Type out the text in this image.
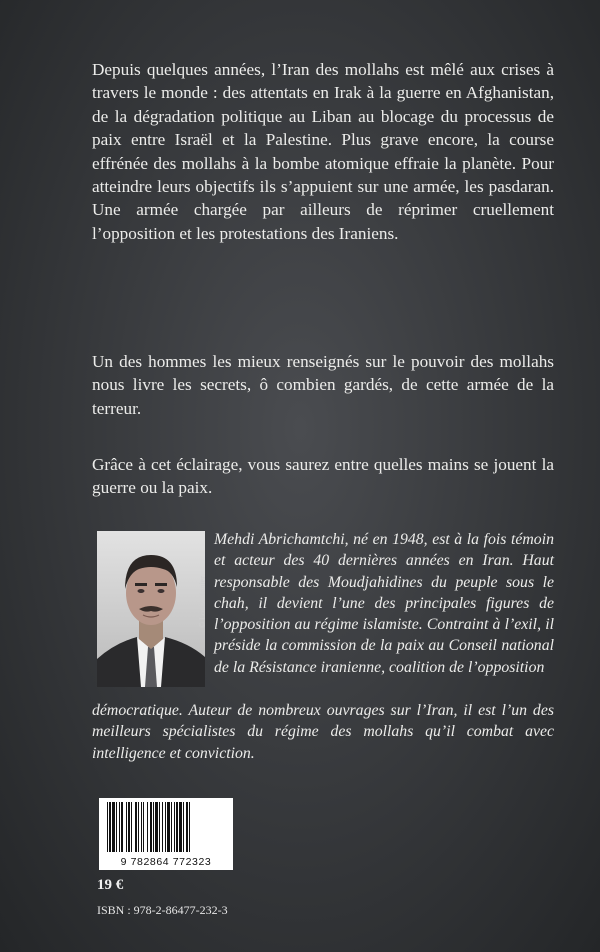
Depuis quelques années, l’Iran des mollahs est mêlé aux crises à travers le monde : des attentats en Irak à la guerre en Afghanistan, de la dégradation politique au Liban au blocage du processus de paix entre Israël et la Palestine. Plus grave encore, la course effrénée des mollahs à la bombe atomique effraie la planète. Pour atteindre leurs objectifs ils s’appuient sur une armée, les pasdaran. Une armée chargée par ailleurs de réprimer cruellement l’opposition et les protestations des Iraniens.

Un des hommes les mieux renseignés sur le pouvoir des mollahs nous livre les secrets, ô combien gardés, de cette armée de la terreur.

Grâce à cet éclairage, vous saurez entre quelles mains se jouent la guerre ou la paix.

© Louis Monier

Mehdi Abrichamtchi, né en 1948, est à la fois témoin et acteur des 40 dernières années en Iran. Haut responsable des Moudjahidines du peuple sous le chah, il devient l’une des principales figures de l’opposition au régime islamiste. Contraint à l’exil, il préside la commission de la paix au Conseil national de la Résistance iranienne, coalition de l’opposition

démocratique. Auteur de nombreux ouvrages sur l’Iran, il est l’un des meilleurs spécialistes du régime des mollahs qu’il combat avec intelligence et conviction.

9 782864 772323
19 €
ISBN : 978-2-86477-232-3
